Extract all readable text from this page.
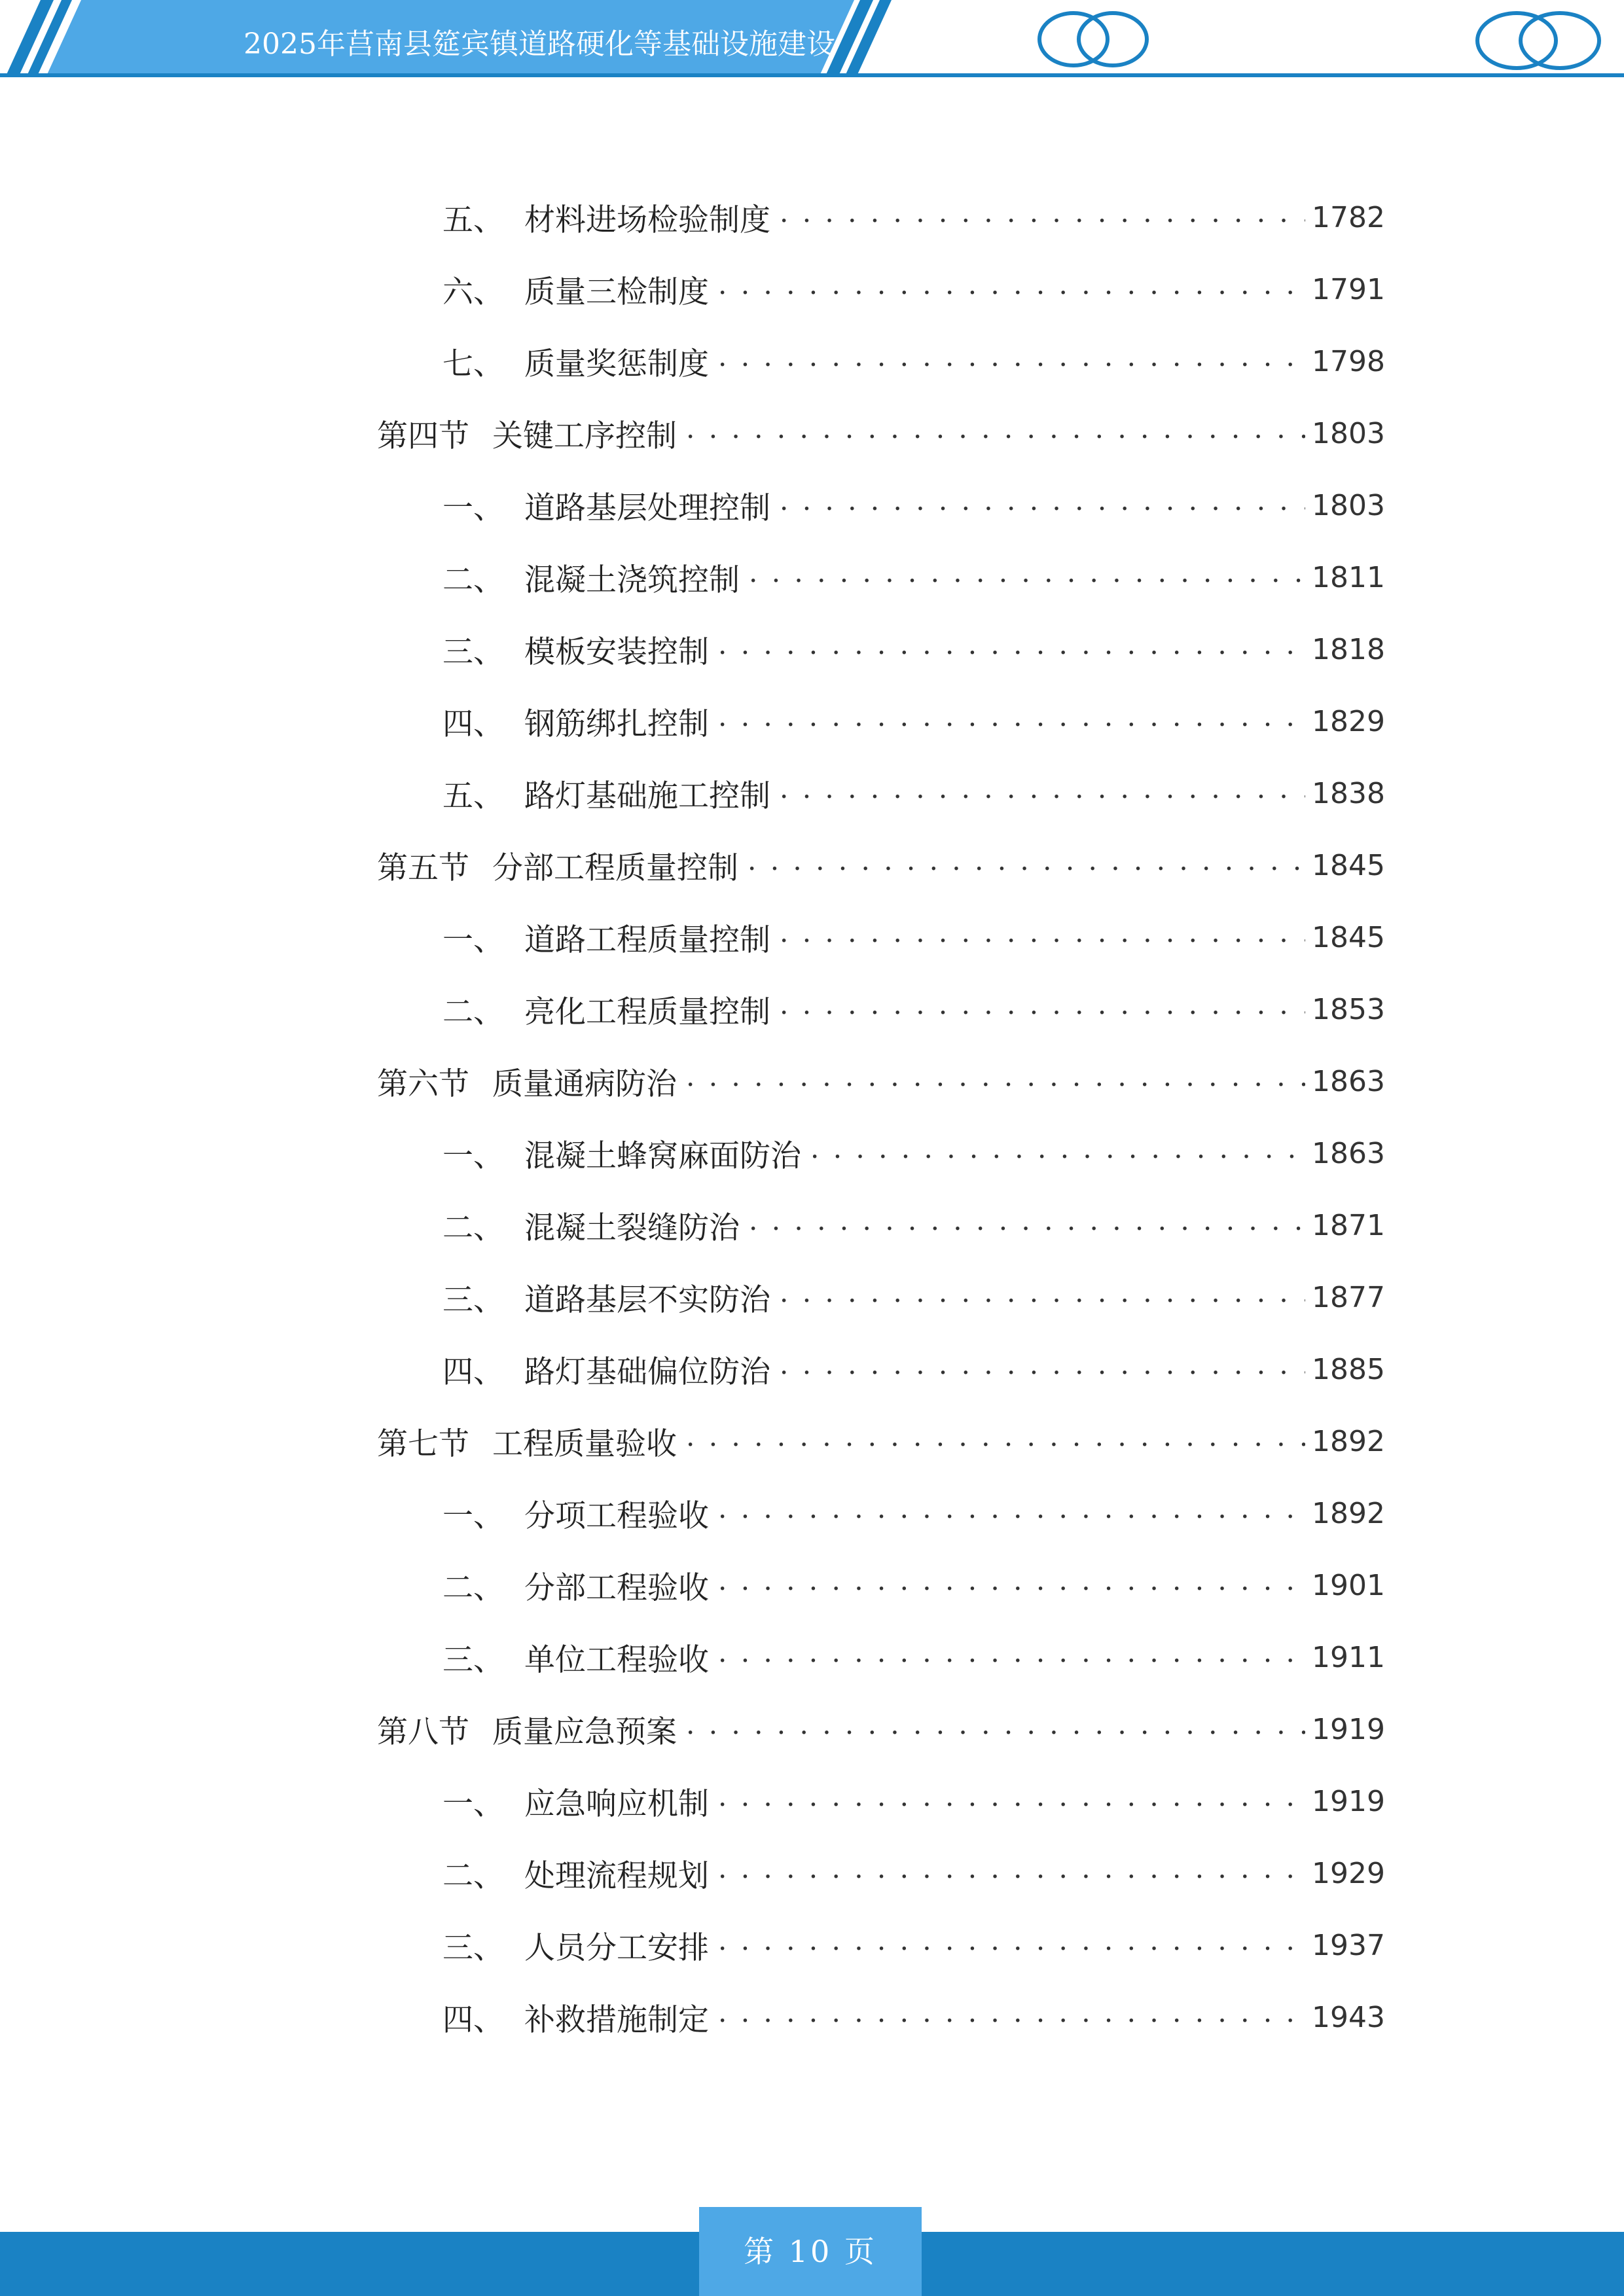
2025年莒南县筵宾镇道路硬化等基础设施建设
五、 材料进场检验制度 . . .	1782
六、 质量三检制度 . . .	1791
七、 质量奖惩制度 . . .	1798
第四节 关键工序控制 . . .	1803
一、 道路基层处理控制 . . .	1803
二、 混凝土浇筑控制 . . .	1811
三、 模板安装控制 . . .	1818
四、 钢筋绑扎控制 . . .	1829
五、 路灯基础施工控制 . . .	1838
第五节 分部工程质量控制 . . .	1845
一、 道路工程质量控制 . . .	1845
二、 亮化工程质量控制 . . .	1853
第六节 质量通病防治 . . .	1863
一、 混凝土蜂窝麻面防治 . . .	1863
二、 混凝土裂缝防治 . . .	1871
三、 道路基层不实防治 . . .	1877
四、 路灯基础偏位防治 . . .	1885
第七节 工程质量验收 . . .	1892
一、 分项工程验收 . . .	1892
二、 分部工程验收 . . .	1901
三、 单位工程验收 . . .	1911
第八节 质量应急预案 . . .	1919
一、 应急响应机制 . . .	1919
二、 处理流程规划 . . .	1929
三、 人员分工安排 . . .	1937
四、 补救措施制定 . . .	1943
第 10 页
